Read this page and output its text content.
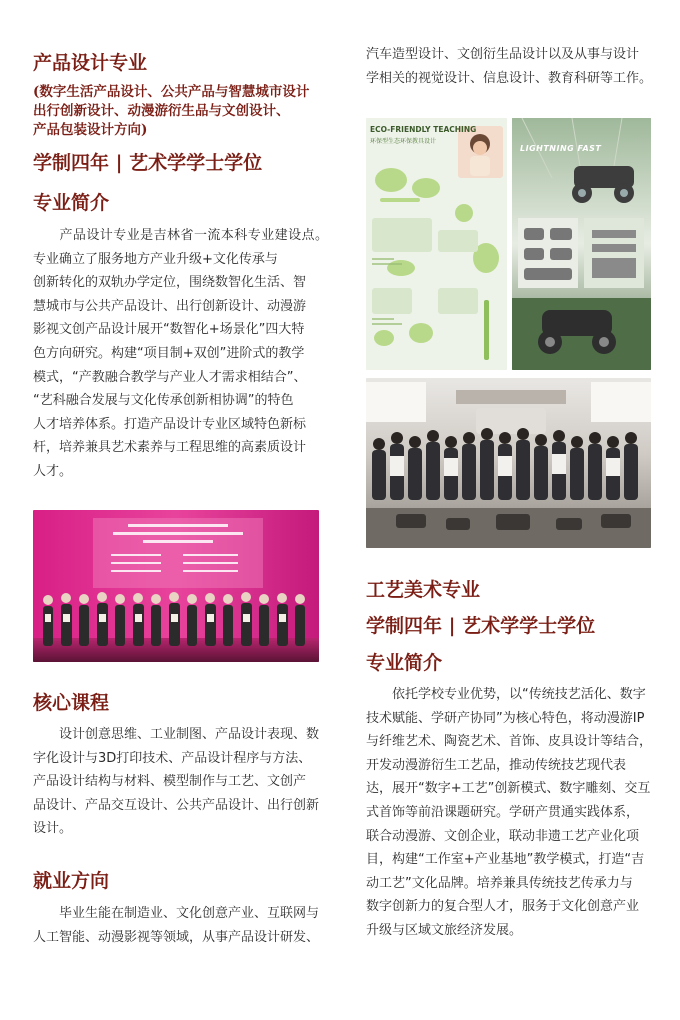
产品设计专业

(数字生活产品设计、公共产品与智慧城市设计

出行创新设计、动漫游衍生品与文创设计、

产品包装设计方向)

学制四年 | 艺术学学士学位
专业简介

产品设计专业是吉林省一流本科专业建设点。专业确立了服务地方产业升级+文化传承与

创新转化的双轨办学定位，围绕数智化生活、智

慧城市与公共产品设计、出行创新设计、动漫游

影视文创产品设计展开“数智化+场景化”四大特

色方向研究。构建“项目制+双创”进阶式的教学

模式，“产教融合教学与产业人才需求相结合”、

“艺科融合发展与文化传承创新相协调”的特色

人才培养体系。打造产品设计专业区域特色新标

杆，培养兼具艺术素养与工程思维的高素质设计

人才。

核心课程

设计创意思维、工业制图、产品设计表现、数

字化设计与3D打印技术、产品设计程序与方法、

产品设计结构与材料、模型制作与工艺、文创产

品设计、产品交互设计、公共产品设计、出行创新

设计。

就业方向

毕业生能在制造业、文化创意产业、互联网与

人工智能、动漫影视等领域，从事产品设计研发、

汽车造型设计、文创衍生品设计以及从事与设计

学相关的视觉设计、信息设计、教育科研等工作。

ECO-FRIENDLY TEACHING
环保型生态环保教具设计
LIGHTNING FAST
工艺美术专业
学制四年 | 艺术学学士学位
专业简介

依托学校专业优势，以“传统技艺活化、数字

技术赋能、学研产协同”为核心特色，将动漫游IP

与纤维艺术、陶瓷艺术、首饰、皮具设计等结合，

开发动漫游衍生工艺品，推动传统技艺现代表

达，展开“数字+工艺”创新模式、数字雕刻、交互

式首饰等前沿课题研究。学研产贯通实践体系，

联合动漫游、文创企业，联动非遗工艺产业化项

目，构建“工作室+产业基地”教学模式，打造“吉

动工艺”文化品牌。培养兼具传统技艺传承力与

数字创新力的复合型人才，服务于文化创意产业

升级与区域文旅经济发展。
